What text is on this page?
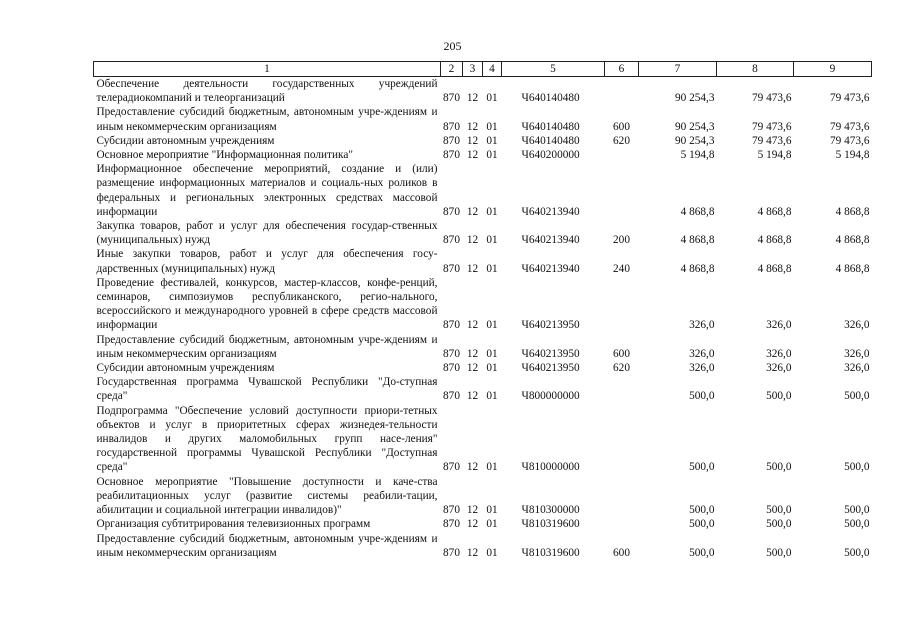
205
1	2	3	4	5	6	7	8	9
Обеспечение деятельности государственных учреждений телерадиокомпаний и телеорганизаций	870	12	01	Ч640140480		90 254,3	79 473,6	79 473,6
Предоставление субсидий бюджетным, автономным учре-ждениям и иным некоммерческим организациям	870	12	01	Ч640140480	600	90 254,3	79 473,6	79 473,6
Субсидии автономным учреждениям	870	12	01	Ч640140480	620	90 254,3	79 473,6	79 473,6
Основное мероприятие "Информационная политика"	870	12	01	Ч640200000		5 194,8	5 194,8	5 194,8
Информационное обеспечение мероприятий, создание и (или) размещение информационных материалов и социаль-ных роликов в федеральных и региональных электронных средствах массовой информации	870	12	01	Ч640213940		4 868,8	4 868,8	4 868,8
Закупка товаров, работ и услуг для обеспечения государ-ственных (муниципальных) нужд	870	12	01	Ч640213940	200	4 868,8	4 868,8	4 868,8
Иные закупки товаров, работ и услуг для обеспечения госу-дарственных (муниципальных) нужд	870	12	01	Ч640213940	240	4 868,8	4 868,8	4 868,8
Проведение фестивалей, конкурсов, мастер-классов, конфе-ренций, семинаров, симпозиумов республиканского, регио-нального, всероссийского и международного уровней в сфере средств массовой информации	870	12	01	Ч640213950		326,0	326,0	326,0
Предоставление субсидий бюджетным, автономным учре-ждениям и иным некоммерческим организациям	870	12	01	Ч640213950	600	326,0	326,0	326,0
Субсидии автономным учреждениям	870	12	01	Ч640213950	620	326,0	326,0	326,0
Государственная программа Чувашской Республики "До-ступная среда"	870	12	01	Ч800000000		500,0	500,0	500,0
Подпрограмма "Обеспечение условий доступности приори-тетных объектов и услуг в приоритетных сферах жизнедея-тельности инвалидов и других маломобильных групп насе-ления" государственной программы Чувашской Республики "Доступная среда"	870	12	01	Ч810000000		500,0	500,0	500,0
Основное мероприятие "Повышение доступности и каче-ства реабилитационных услуг (развитие системы реабили-тации, абилитации и социальной интеграции инвалидов)"	870	12	01	Ч810300000		500,0	500,0	500,0
Организация субтитрирования телевизионных программ	870	12	01	Ч810319600		500,0	500,0	500,0
Предоставление субсидий бюджетным, автономным учре-ждениям и иным некоммерческим организациям	870	12	01	Ч810319600	600	500,0	500,0	500,0
